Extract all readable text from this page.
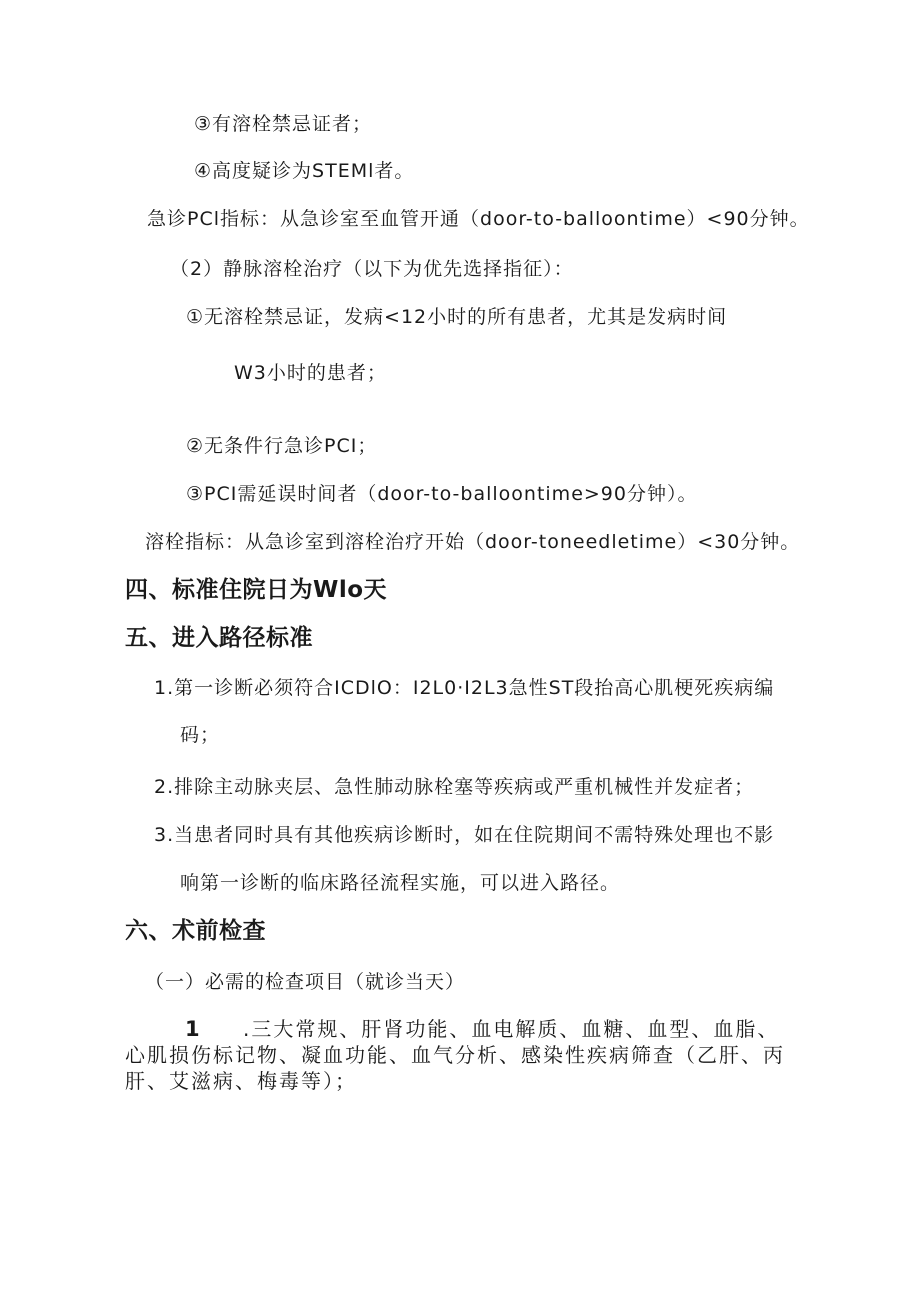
③有溶栓禁忌证者；
④高度疑诊为STEMl者。
急诊PCl指标：从急诊室至血管开通（door-to-balloontime）<90分钟。
（2）静脉溶栓治疗（以下为优先选择指征）：
①无溶栓禁忌证，发病<12小时的所有患者，尤其是发病时间
W3小时的患者；
②无条件行急诊PCI；
③PCI需延误时间者（door-to-balloontime>90分钟）。
溶栓指标：从急诊室到溶栓治疗开始（door-toneedletime）<30分钟。
四、标准住院日为Wlo天
五、进入路径标准
1.第一诊断必须符合ICDlO：I2L0·I2L3急性ST段抬高心肌梗死疾病编
码；
2.排除主动脉夹层、急性肺动脉栓塞等疾病或严重机械性并发症者；
3.当患者同时具有其他疾病诊断时，如在住院期间不需特殊处理也不影
响第一诊断的临床路径流程实施，可以进入路径。
六、术前检查
（一）必需的检查项目（就诊当天）
1 .三大常规、肝肾功能、血电解质、血糖、血型、血脂、心肌损伤标记物、凝血功能、血气分析、感染性疾病筛查（乙肝、丙肝、艾滋病、梅毒等）；
